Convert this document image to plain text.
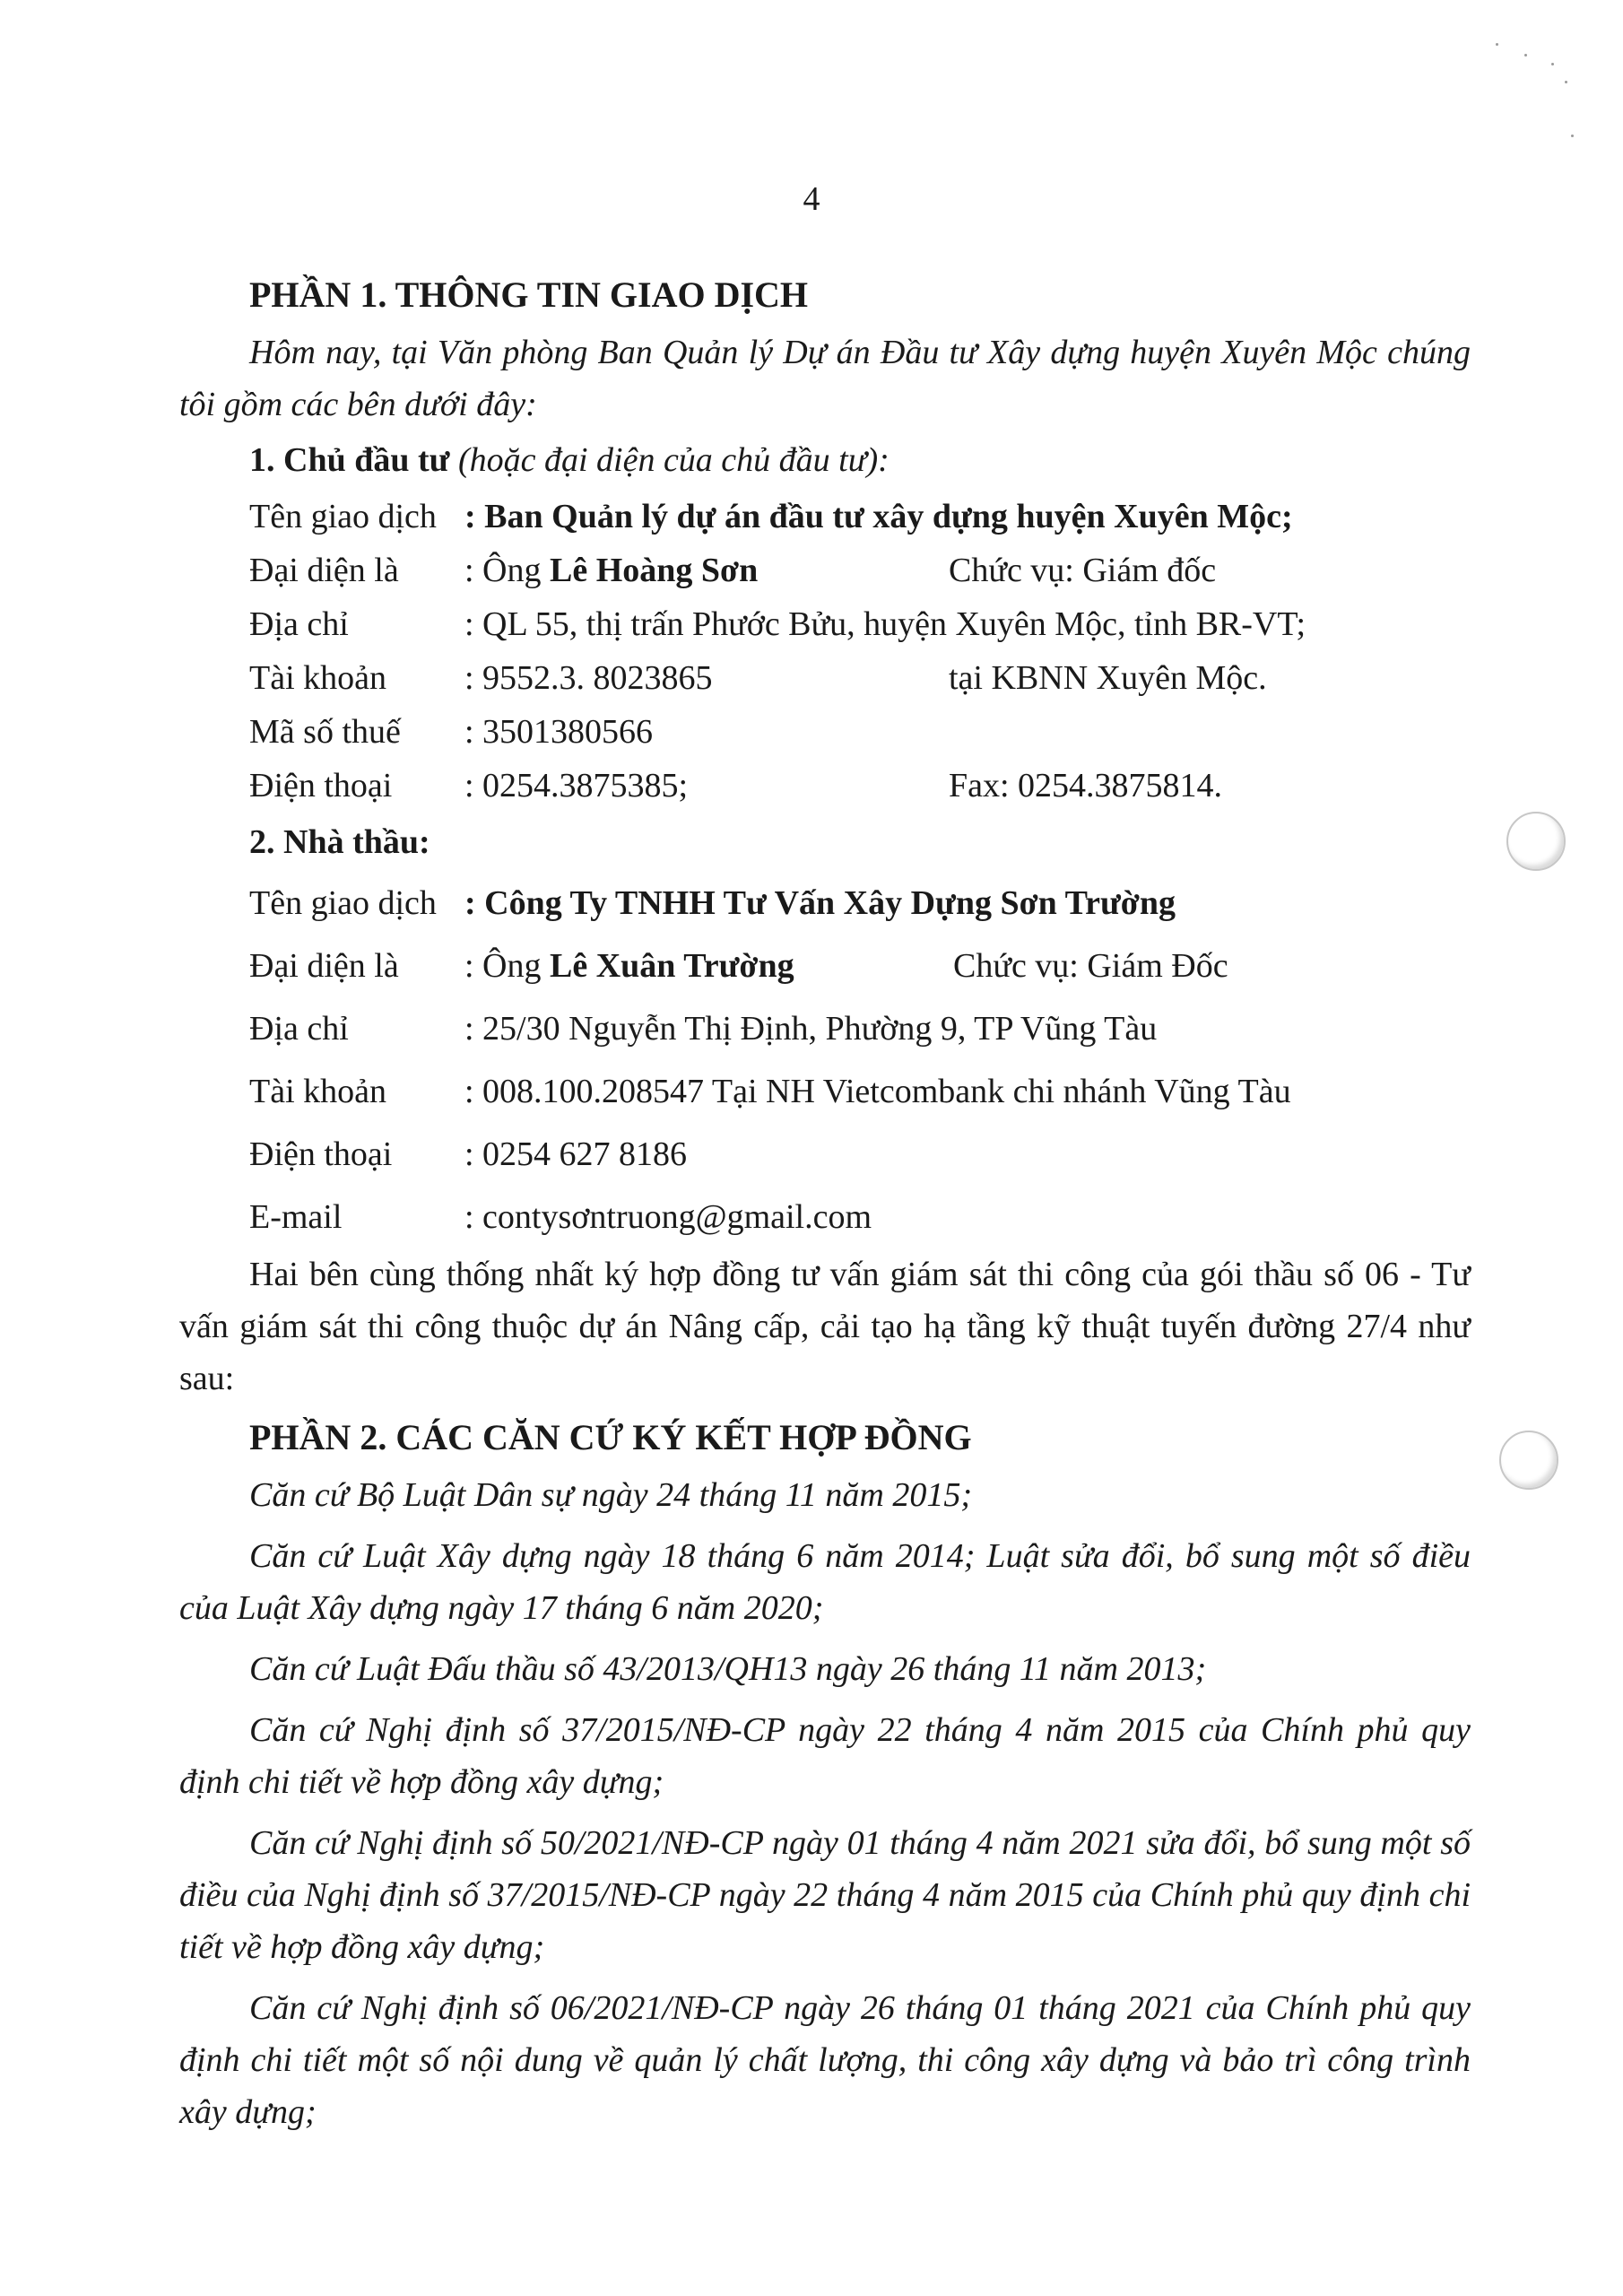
4
PHẦN 1. THÔNG TIN GIAO DỊCH
Hôm nay, tại Văn phòng Ban Quản lý Dự án Đầu tư Xây dựng huyện Xuyên Mộc chúng tôi gồm các bên dưới đây:
1. Chủ đầu tư (hoặc đại diện của chủ đầu tư):
Tên giao dịch : Ban Quản lý dự án đầu tư xây dựng huyện Xuyên Mộc;
Đại diện là	: Ông Lê Hoàng Sơn	Chức vụ: Giám đốc
Địa chỉ	: QL 55, thị trấn Phước Bửu, huyện Xuyên Mộc, tỉnh BR-VT;
Tài khoản	: 9552.3. 8023865	tại KBNN Xuyên Mộc.
Mã số thuế	: 3501380566
Điện thoại	: 0254.3875385;	Fax: 0254.3875814.
2. Nhà thầu:
Tên giao dịch : Công Ty TNHH Tư Vấn Xây Dựng Sơn Trường
Đại diện là	: Ông Lê Xuân Trường	Chức vụ: Giám Đốc
Địa chỉ	: 25/30 Nguyễn Thị Định, Phường 9, TP Vũng Tàu
Tài khoản	: 008.100.208547 Tại NH Vietcombank chi nhánh Vũng Tàu
Điện thoại	: 0254 627 8186
E-mail	: contysơntruong@gmail.com
Hai bên cùng thống nhất ký hợp đồng tư vấn giám sát thi công của gói thầu số 06 - Tư vấn giám sát thi công thuộc dự án Nâng cấp, cải tạo hạ tầng kỹ thuật tuyến đường 27/4 như sau:
PHẦN 2. CÁC CĂN CỨ KÝ KẾT HỢP ĐỒNG
Căn cứ Bộ Luật Dân sự ngày 24 tháng 11 năm 2015;
Căn cứ Luật Xây dựng ngày 18 tháng 6 năm 2014; Luật sửa đổi, bổ sung một số điều của Luật Xây dựng ngày 17 tháng 6 năm 2020;
Căn cứ Luật Đấu thầu số 43/2013/QH13 ngày 26 tháng 11 năm 2013;
Căn cứ Nghị định số 37/2015/NĐ-CP ngày 22 tháng 4 năm 2015 của Chính phủ quy định chi tiết về hợp đồng xây dựng;
Căn cứ Nghị định số 50/2021/NĐ-CP ngày 01 tháng 4 năm 2021 sửa đổi, bổ sung một số điều của Nghị định số 37/2015/NĐ-CP ngày 22 tháng 4 năm 2015 của Chính phủ quy định chi tiết về hợp đồng xây dựng;
Căn cứ Nghị định số 06/2021/NĐ-CP ngày 26 tháng 01 tháng 2021 của Chính phủ quy định chi tiết một số nội dung về quản lý chất lượng, thi công xây dựng và bảo trì công trình xây dựng;
